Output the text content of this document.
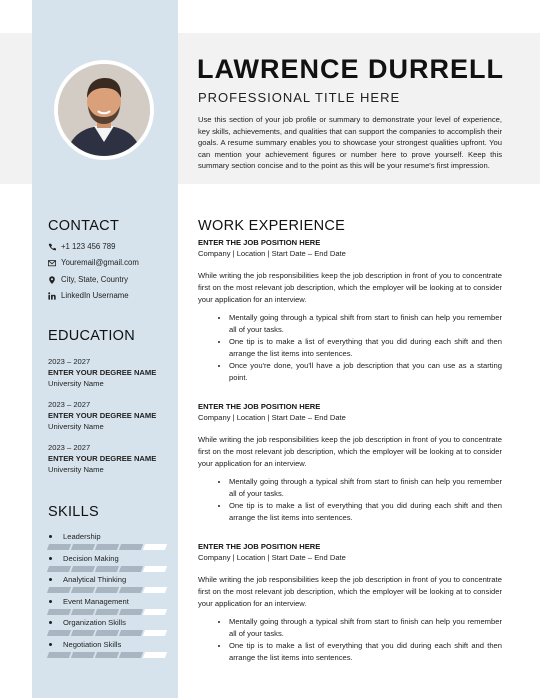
LAWRENCE DURRELL
PROFESSIONAL TITLE HERE
Use this section of your job profile or summary to demonstrate your level of experience, key skills, achievements, and qualities that can support the companies to accomplish their goals. A resume summary enables you to showcase your strongest qualities upfront. You can mention your achievement figures or number here to prove yourself. Keep this summary section concise and to the point as this will be your resume's first impression.
CONTACT
+1 123 456 789
Youremail@gmail.com
City, State, Country
LinkedIn Username
EDUCATION
2023 – 2027
ENTER YOUR DEGREE NAME
University Name
2023 – 2027
ENTER YOUR DEGREE NAME
University Name
2023 – 2027
ENTER YOUR DEGREE NAME
University Name
SKILLS
Leadership
Decision Making
Analytical Thinking
Event Management
Organization Skills
Negotiation Skills
WORK EXPERIENCE
ENTER THE JOB POSITION HERE
Company | Location | Start Date – End Date
While writing the job responsibilities keep the job description in front of you to concentrate first on the most relevant job description, which the employer will be looking at to consider your application for an interview.
• Mentally going through a typical shift from start to finish can help you remember all of your tasks.
• One tip is to make a list of everything that you did during each shift and then arrange the list items into sentences.
• Once you're done, you'll have a job description that you can use as a starting point.
ENTER THE JOB POSITION HERE
Company | Location | Start Date – End Date
While writing the job responsibilities keep the job description in front of you to concentrate first on the most relevant job description, which the employer will be looking at to consider your application for an interview.
• Mentally going through a typical shift from start to finish can help you remember all of your tasks.
• One tip is to make a list of everything that you did during each shift and then arrange the list items into sentences.
ENTER THE JOB POSITION HERE
Company | Location | Start Date – End Date
While writing the job responsibilities keep the job description in front of you to concentrate first on the most relevant job description, which the employer will be looking at to consider your application for an interview.
• Mentally going through a typical shift from start to finish can help you remember all of your tasks.
• One tip is to make a list of everything that you did during each shift and then arrange the list items into sentences.
